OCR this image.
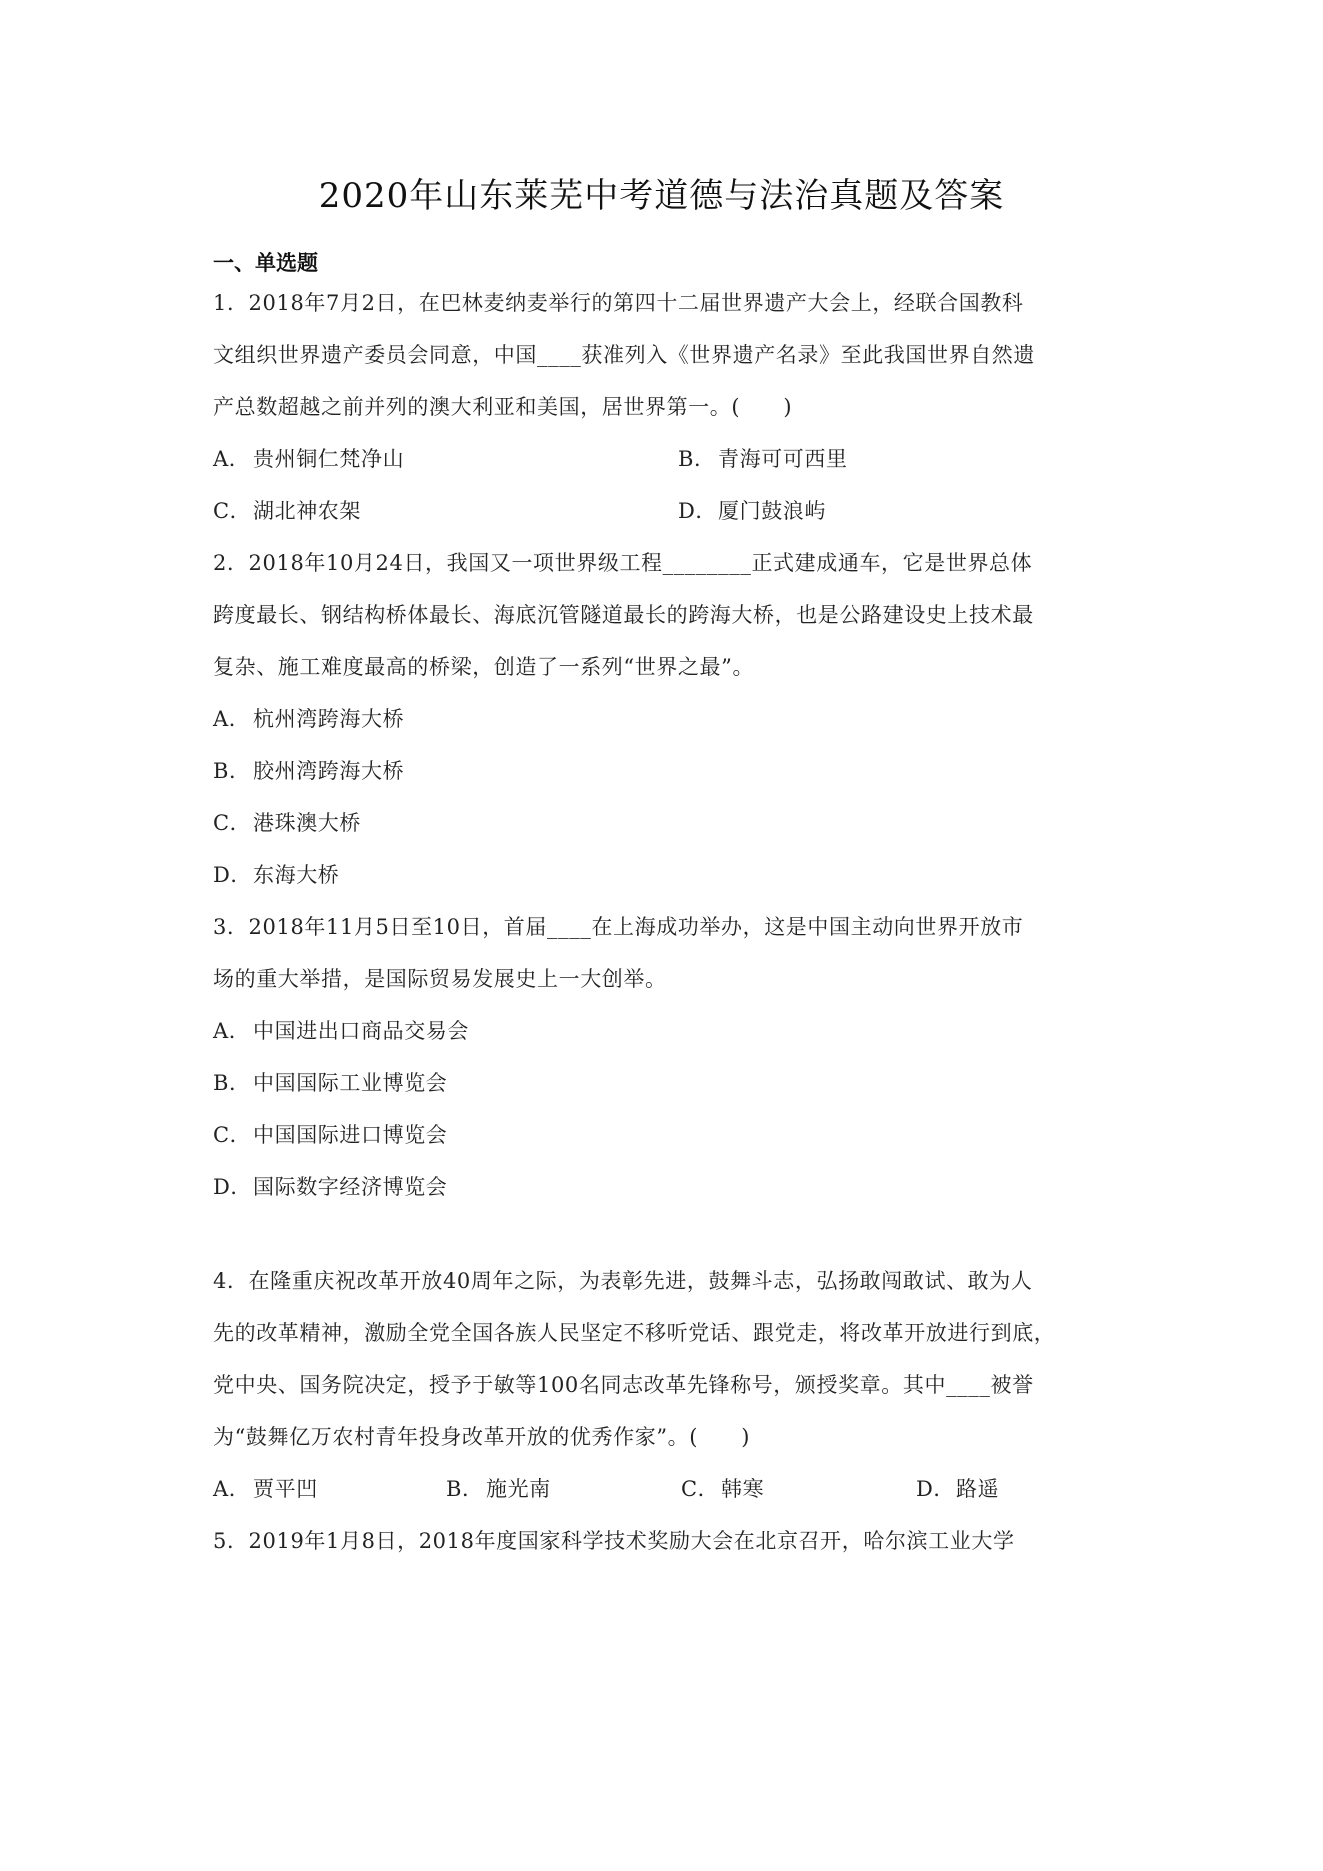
2020年山东莱芜中考道德与法治真题及答案
一、单选题
1．2018年7月2日，在巴林麦纳麦举行的第四十二届世界遗产大会上，经联合国教科
文组织世界遗产委员会同意，中国____获准列入《世界遗产名录》至此我国世界自然遗
产总数超越之前并列的澳大利亚和美国，居世界第一。(　　)
A． 贵州铜仁梵净山	B． 青海可可西里
C．湖北神农架	D．厦门鼓浪屿
2．2018年10月24日，我国又一项世界级工程________正式建成通车，它是世界总体
跨度最长、钢结构桥体最长、海底沉管隧道最长的跨海大桥，也是公路建设史上技术最
复杂、施工难度最高的桥梁，创造了一系列“世界之最”。
A． 杭州湾跨海大桥
B． 胶州湾跨海大桥
C．港珠澳大桥
D．东海大桥
3．2018年11月5日至10日，首届____在上海成功举办，这是中国主动向世界开放市
场的重大举措，是国际贸易发展史上一大创举。
A． 中国进出口商品交易会
B． 中国国际工业博览会
C．中国国际进口博览会
D．国际数字经济博览会
4．在隆重庆祝改革开放40周年之际，为表彰先进，鼓舞斗志，弘扬敢闯敢试、敢为人
先的改革精神，激励全党全国各族人民坚定不移听党话、跟党走，将改革开放进行到底，
党中央、国务院决定，授予于敏等100名同志改革先锋称号，颁授奖章。其中____被誉
为“鼓舞亿万农村青年投身改革开放的优秀作家”。(　　)
A． 贾平凹	B． 施光南	C．韩寒	D．路遥
5．2019年1月8日，2018年度国家科学技术奖励大会在北京召开，哈尔滨工业大学
